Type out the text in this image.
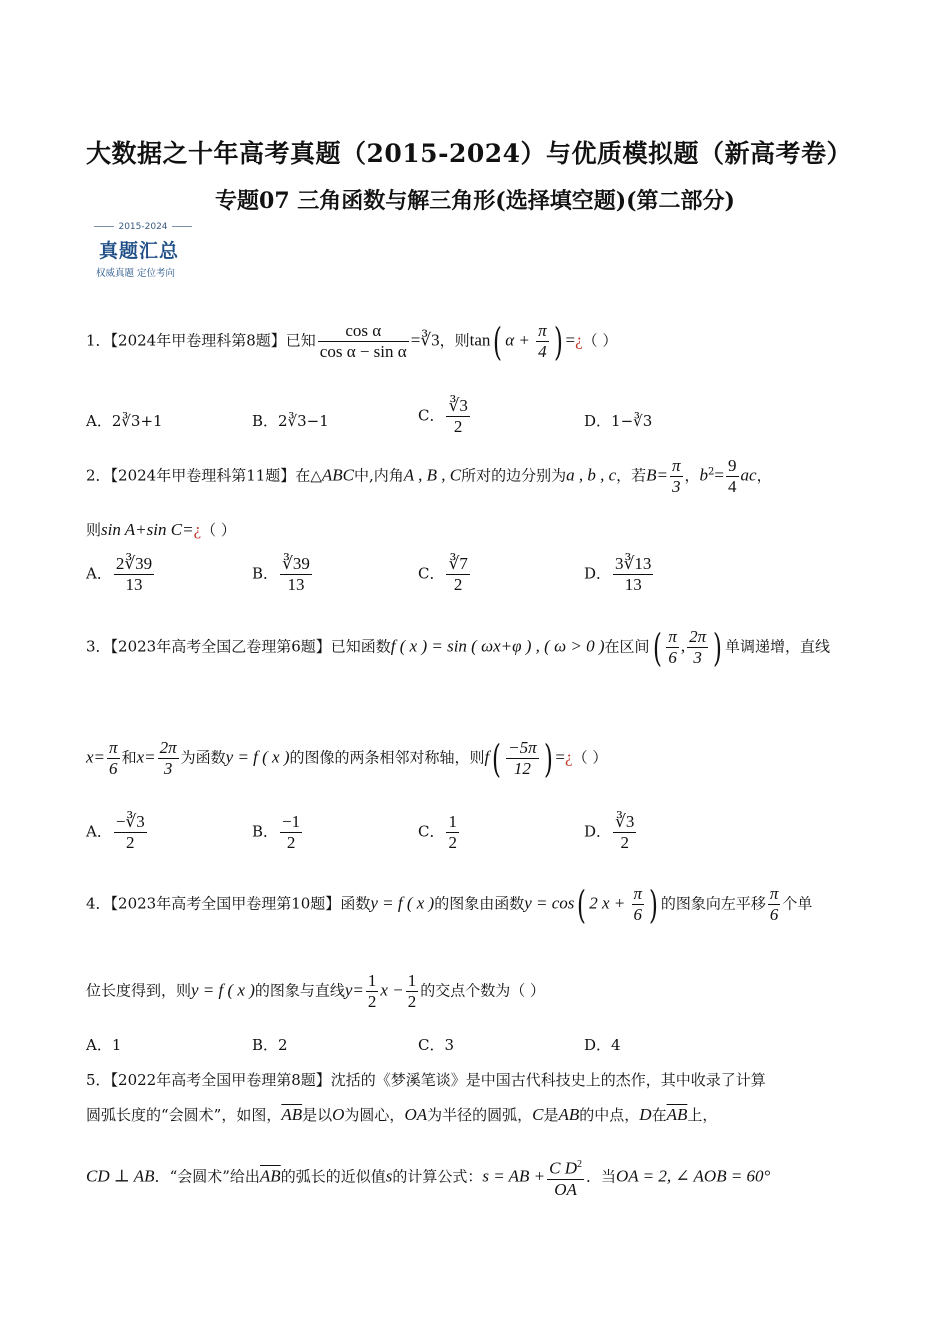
大数据之十年高考真题（2015-2024）与优质模拟题（新高考卷）
专题07 三角函数与解三角形(选择填空题)(第二部分)
2015-2024
真题汇总
权威真题 定位考向
1．【2024年甲卷理科第8题】已知 $\frac{\text{cos α}}{\text{cos α − sin α}}$ =∛3，则tan( $\alpha + \frac{\pi}{4}$ ) =¿（ ）
A．2∛3+1	B．2∛3−1	C． $\frac{∛3}{2}$	D．1−∛3
2．【2024年甲卷理科第11题】在△ABC中,内角A , B , C所对的边分别为a , b , c，若$B= \frac{\pi}{3}$ ，$b^2= \frac{9}{4}$ ac，
则sin A+sin C=¿（ ）
A． $\frac{2∛39}{13}$	B． $\frac{∛39}{13}$	C． $\frac{∛7}{2}$	D． $\frac{3∛13}{13}$
3．【2023年高考全国乙卷理第6题】已知函数f ( x ) = sin ( ωx+φ ) , ( ω > 0 )在区间( $\frac{\pi}{6}$ , $\frac{2\pi}{3}$ ) 单调递增，直线
$x= \frac{\pi}{6}$ 和$x= \frac{2\pi}{3}$ 为函数y = f ( x )的图像的两条相邻对称轴，则$f( \frac{-5\pi}{12}$ ) =¿（ ）
A． $\frac{-∛3}{2}$	B． $\frac{-1}{2}$	C． $\frac{1}{2}$	D． $\frac{∛3}{2}$
4．【2023年高考全国甲卷理第10题】函数y = f ( x )的图象由函数y = cos( 2 $x + \frac{\pi}{6}$ ) 的图象向左平移 $\frac{\pi}{6}$ 个单
位长度得到，则y = f ( x )的图象与直线$y= \frac{1}{2}$ $x - \frac{1}{2}$ 的交点个数为（ ）
A．1	B．2	C．3	D．4
5．【2022年高考全国甲卷理第8题】沈括的《梦溪笔谈》是中国古代科技史上的杰作，其中收录了计算
圆弧长度的“会圆术”，如图，$\overline{AB}$是以O为圆心，OA为半径的圆弧，C是AB的中点，D在$\overline{AB}$上，
CD ⊥ AB．“会圆术”给出$\overline{AB}$的弧长的近似值s的计算公式：s = AB + $\frac{C D^2}{OA}$ ．当OA = 2, ∠ AOB = 60°
